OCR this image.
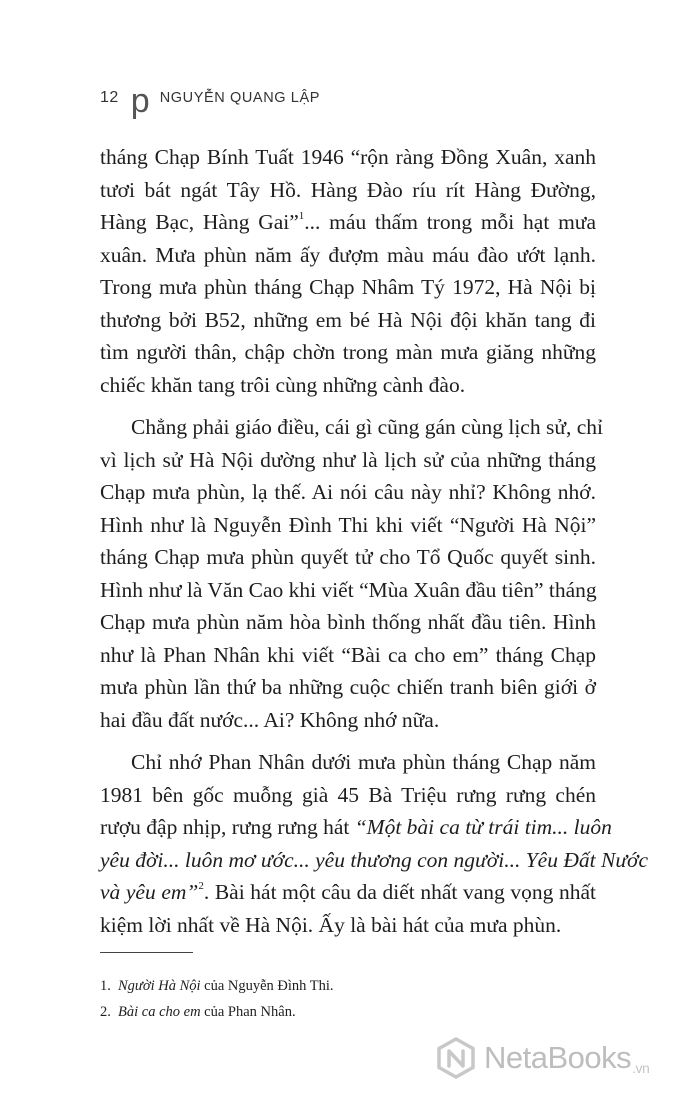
12 p NGUYỄN QUANG LẬP

tháng Chạp Bính Tuất 1946 “rộn ràng Đồng Xuân, xanh
tươi bát ngát Tây Hồ. Hàng Đào ríu rít Hàng Đường,
Hàng Bạc, Hàng Gai”$^1$... máu thấm trong mỗi hạt mưa
xuân. Mưa phùn năm ấy đượm màu máu đào ướt lạnh.
Trong mưa phùn tháng Chạp Nhâm Tý 1972, Hà Nội bị
thương bởi B52, những em bé Hà Nội đội khăn tang đi
tìm người thân, chập chờn trong màn mưa giăng những
chiếc khăn tang trôi cùng những cành đào.

Chẳng phải giáo điều, cái gì cũng gán cùng lịch sử, chỉ
vì lịch sử Hà Nội dường như là lịch sử của những tháng
Chạp mưa phùn, lạ thế. Ai nói câu này nhỉ? Không nhớ.
Hình như là Nguyễn Đình Thi khi viết “Người Hà Nội”
tháng Chạp mưa phùn quyết tử cho Tổ Quốc quyết sinh.
Hình như là Văn Cao khi viết “Mùa Xuân đầu tiên” tháng
Chạp mưa phùn năm hòa bình thống nhất đầu tiên. Hình
như là Phan Nhân khi viết “Bài ca cho em” tháng Chạp
mưa phùn lần thứ ba những cuộc chiến tranh biên giới ở
hai đầu đất nước... Ai? Không nhớ nữa.

Chỉ nhớ Phan Nhân dưới mưa phùn tháng Chạp năm
1981 bên gốc muỗng già 45 Bà Triệu rưng rưng chén
rượu đập nhịp, rưng rưng hát “Một bài ca từ trái tim... luôn
yêu đời... luôn mơ ước... yêu thương con người... Yêu Đất Nước
và yêu em”$^2$. Bài hát một câu da diết nhất vang vọng nhất
kiệm lời nhất về Hà Nội. Ấy là bài hát của mưa phùn.

1. Người Hà Nội của Nguyễn Đình Thi.
2. Bài ca cho em của Phan Nhân.
NetaBooks .vn
